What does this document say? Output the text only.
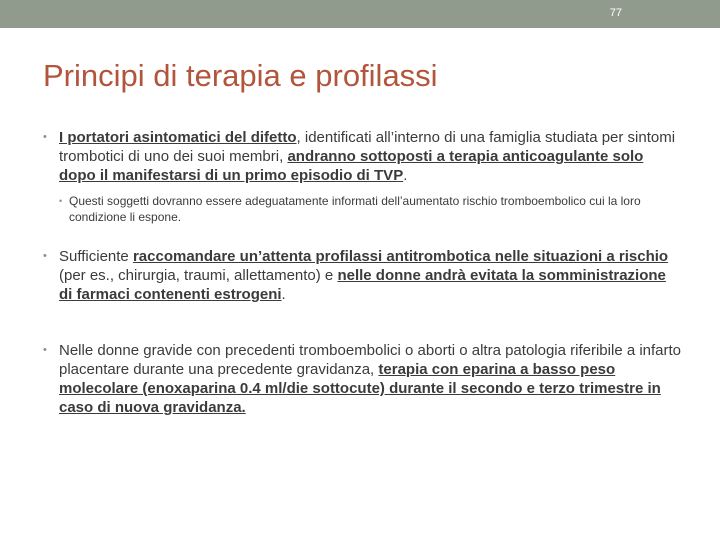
77
Principi di terapia e profilassi
• I portatori asintomatici del difetto, identificati all’interno di una famiglia studiata per sintomi trombotici di uno dei suoi membri, andranno sottoposti a terapia anticoagulante solo dopo il manifestarsi di un primo episodio di TVP.
• Questi soggetti dovranno essere adeguatamente informati dell’aumentato rischio tromboembolico cui la loro condizione li espone.
• Sufficiente raccomandare un’attenta profilassi antitrombotica nelle situazioni a rischio (per es., chirurgia, traumi, allettamento) e nelle donne andrà evitata la somministrazione di farmaci contenenti estrogeni.
• Nelle donne gravide con precedenti tromboembolici o aborti o altra patologia riferibile a infarto placentare durante una precedente gravidanza, terapia con eparina a basso peso molecolare (enoxaparina 0.4 ml/die sottocute) durante il secondo e terzo trimestre in caso di nuova gravidanza.
